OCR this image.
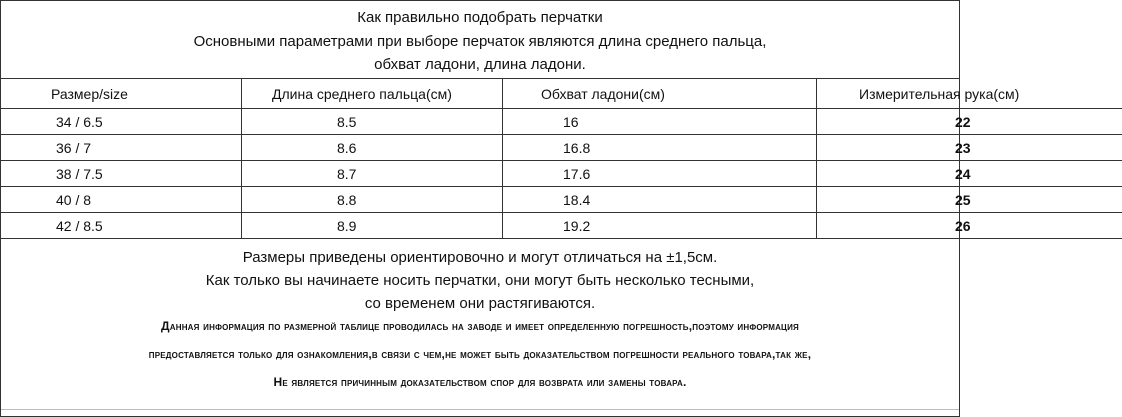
Как правильно подобрать перчатки
Основными параметрами при выборе перчаток являются длина среднего пальца,
обхват ладони, длина ладони.
Размер/size	Длина среднего пальца(см)	Обхват ладони(см)	Измерительная рука(см)
34 / 6.5	8.5	16	22
36 / 7	8.6	16.8	23
38 / 7.5	8.7	17.6	24
40 / 8	8.8	18.4	25
42 / 8.5	8.9	19.2	26
Размеры приведены ориентировочно и могут отличаться на ±1,5см.
Как только вы начинаете носить перчатки, они могут быть несколько тесными,
со временем они растягиваются.
Данная информация по размерной таблице проводилась на заводе и имеет определенную погрешность,поэтому информация
предоставляется только для ознакомления,в связи с чем,не может быть доказательством погрешности реального товара,так же,
Не является причинным доказательством спор для возврата или замены товара.
